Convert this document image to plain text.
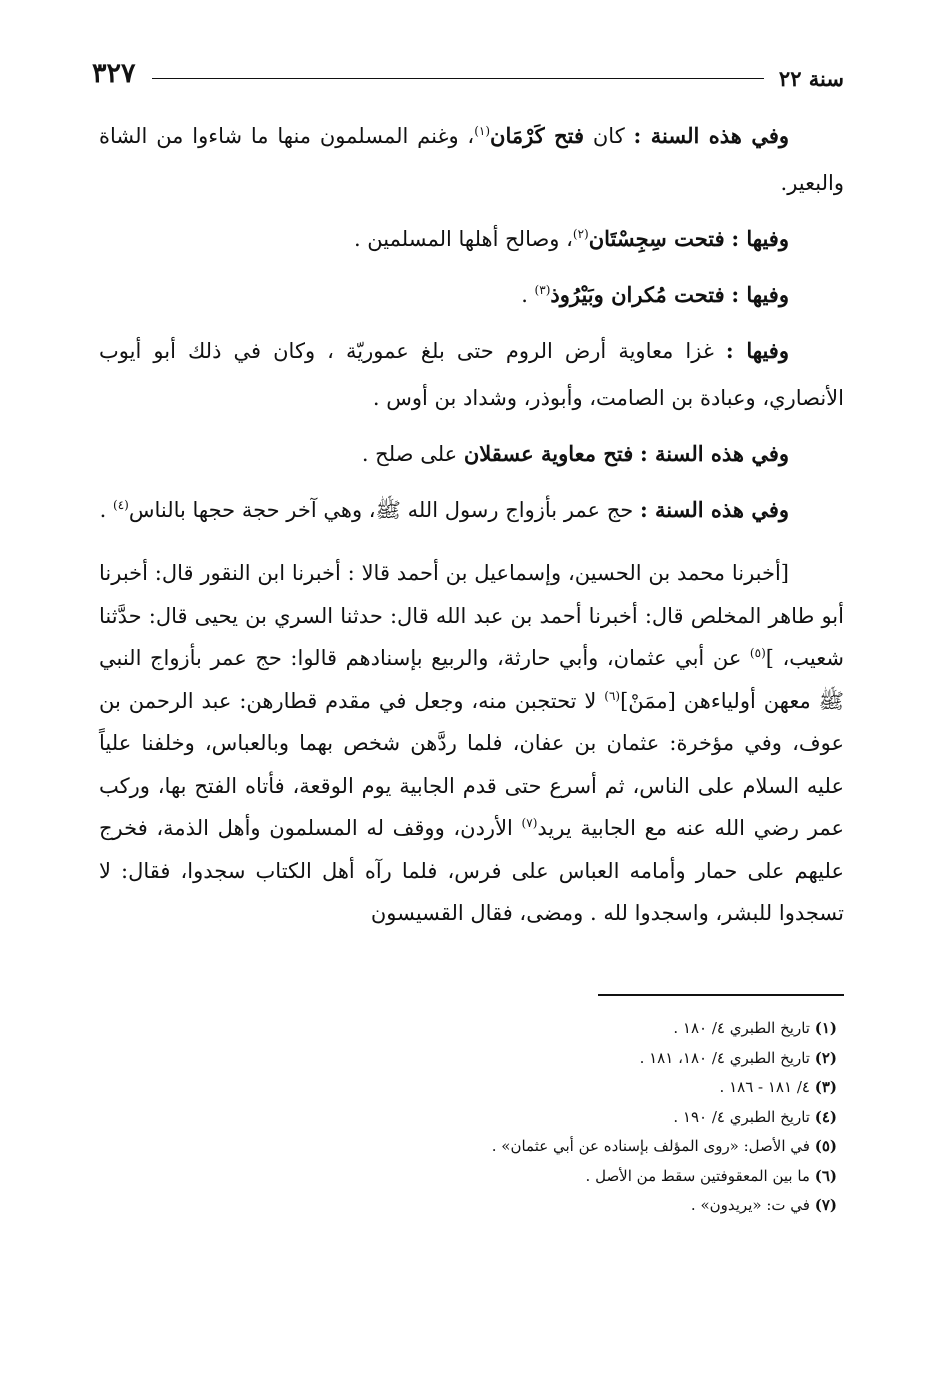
٣٢٧	سنة ٢٢

وفي هذه السنة : كان فتح كَرْمَان$^{(١)}$، وغنم المسلمون منها ما شاءوا من الشاة والبعير.

وفيها : فتحت سِجِسْتَان$^{(٢)}$، وصالح أهلها المسلمين .

وفيها : فتحت مُكران وبَيْرُوذ$^{(٣)}$ .

وفيها : غزا معاوية أرض الروم حتى بلغ عموريّة ، وكان في ذلك أبو أيوب الأنصاري، وعبادة بن الصامت، وأبوذر، وشداد بن أوس .

وفي هذه السنة : فتح معاوية عسقلان على صلح .

وفي هذه السنة : حج عمر بأزواج رسول الله ﷺ، وهي آخر حجة حجها بالناس$^{(٤)}$ .

[أخبرنا محمد بن الحسين، وإسماعيل بن أحمد قالا : أخبرنا ابن النقور قال: أخبرنا أبو طاهر المخلص قال: أخبرنا أحمد بن عبد الله قال: حدثنا السري بن يحيى قال: حدَّثنا شعيب، ]$^{(٥)}$ عن أبي عثمان، وأبي حارثة، والربيع بإسنادهم قالوا: حج عمر بأزواج النبي ﷺ معهن أولياءهن [ممَنْ]$^{(٦)}$ لا تحتجبن منه، وجعل في مقدم قطارهن: عبد الرحمن بن عوف، وفي مؤخرة: عثمان بن عفان، فلما ردَّهن شخص بهما وبالعباس، وخلفنا علياً عليه السلام على الناس، ثم أسرع حتى قدم الجابية يوم الوقعة، فأتاه الفتح بها، وركب عمر رضي الله عنه مع الجابية يريد$^{(٧)}$ الأردن، ووقف له المسلمون وأهل الذمة، فخرج عليهم على حمار وأمامه العباس على فرس، فلما رآه أهل الكتاب سجدوا، فقال: لا تسجدوا للبشر، واسجدوا لله . ومضى، فقال القسيسون

(١) تاريخ الطبري ٤/ ١٨٠ .
(٢) تاريخ الطبري ٤/ ١٨٠، ١٨١ .
(٣) ٤/ ١٨١ - ١٨٦ .
(٤) تاريخ الطبري ٤/ ١٩٠ .
(٥) في الأصل: «روى المؤلف بإسناده عن أبي عثمان» .
(٦) ما بين المعقوفتين سقط من الأصل .
(٧) في ت: «يريدون» .
